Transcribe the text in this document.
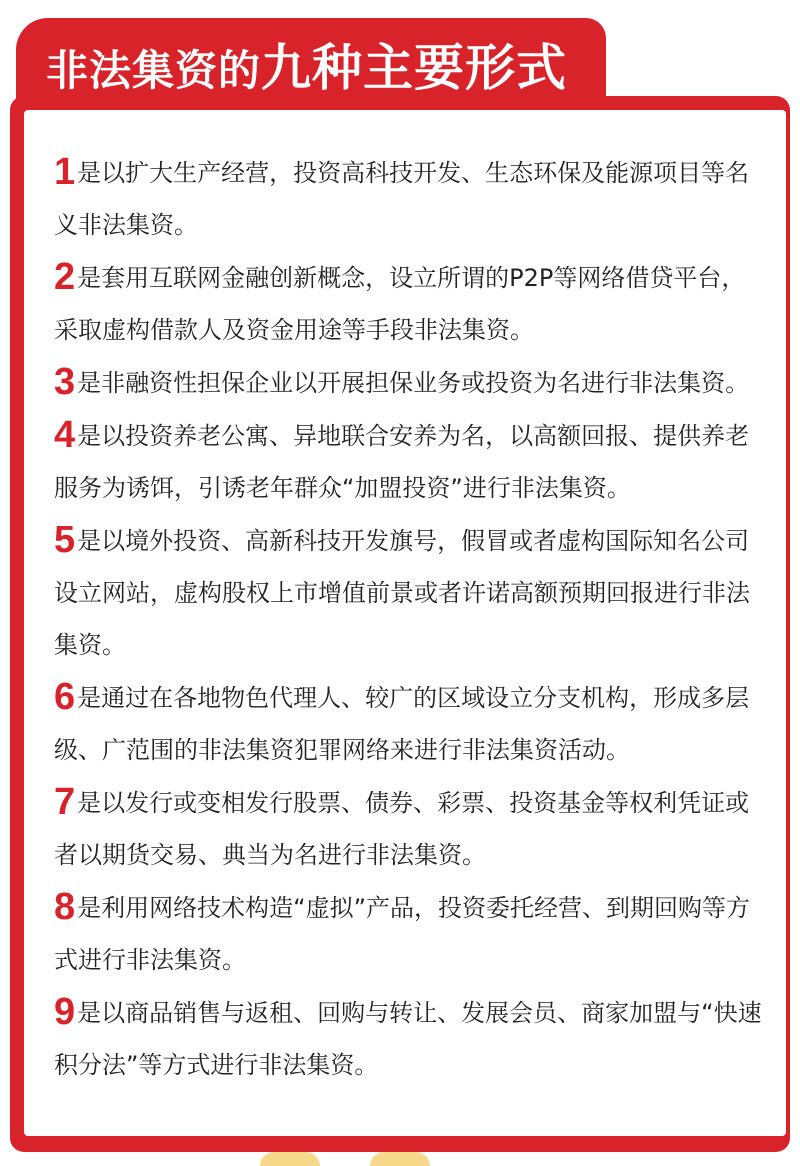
非法集资的九种主要形式

1是以扩大生产经营，投资高科技开发、生态环保及能源项目等名义非法集资。

2是套用互联网金融创新概念，设立所谓的P2P等网络借贷平台，采取虚构借款人及资金用途等手段非法集资。

3是非融资性担保企业以开展担保业务或投资为名进行非法集资。

4是以投资养老公寓、异地联合安养为名，以高额回报、提供养老服务为诱饵，引诱老年群众“加盟投资”进行非法集资。

5是以境外投资、高新科技开发旗号，假冒或者虚构国际知名公司设立网站，虚构股权上市增值前景或者许诺高额预期回报进行非法集资。

6是通过在各地物色代理人、较广的区域设立分支机构，形成多层级、广范围的非法集资犯罪网络来进行非法集资活动。

7是以发行或变相发行股票、债券、彩票、投资基金等权利凭证或者以期货交易、典当为名进行非法集资。

8是利用网络技术构造“虚拟”产品，投资委托经营、到期回购等方式进行非法集资。

9是以商品销售与返租、回购与转让、发展会员、商家加盟与“快速积分法”等方式进行非法集资。
